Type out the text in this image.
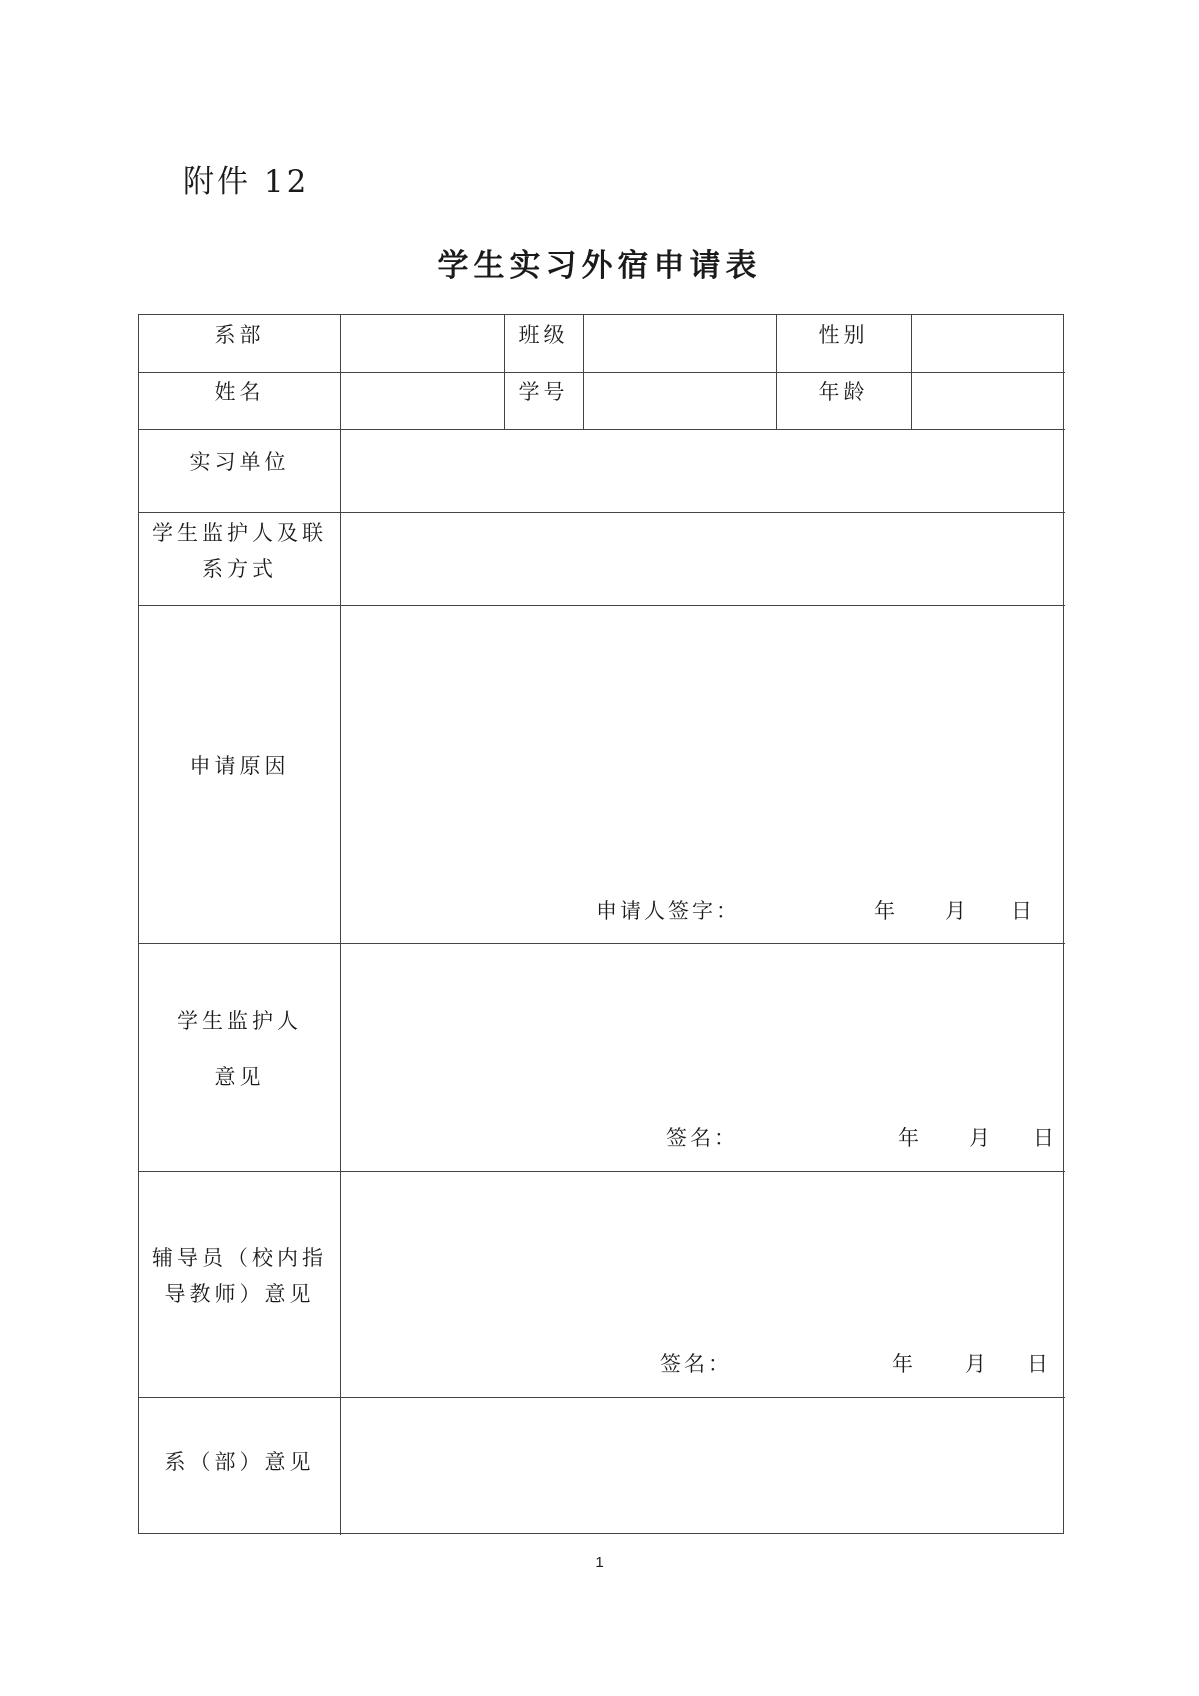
附件 12
学生实习外宿申请表
系部	班级	性别
姓名	学号	年龄
实习单位
学生监护人及联
系方式
申请原因
申请人签字：	年 月 日
学生监护人
意见
签名：	年 月 日
辅导员（校内指
导教师）意见
签名：	年 月 日
系（部）意见
1
